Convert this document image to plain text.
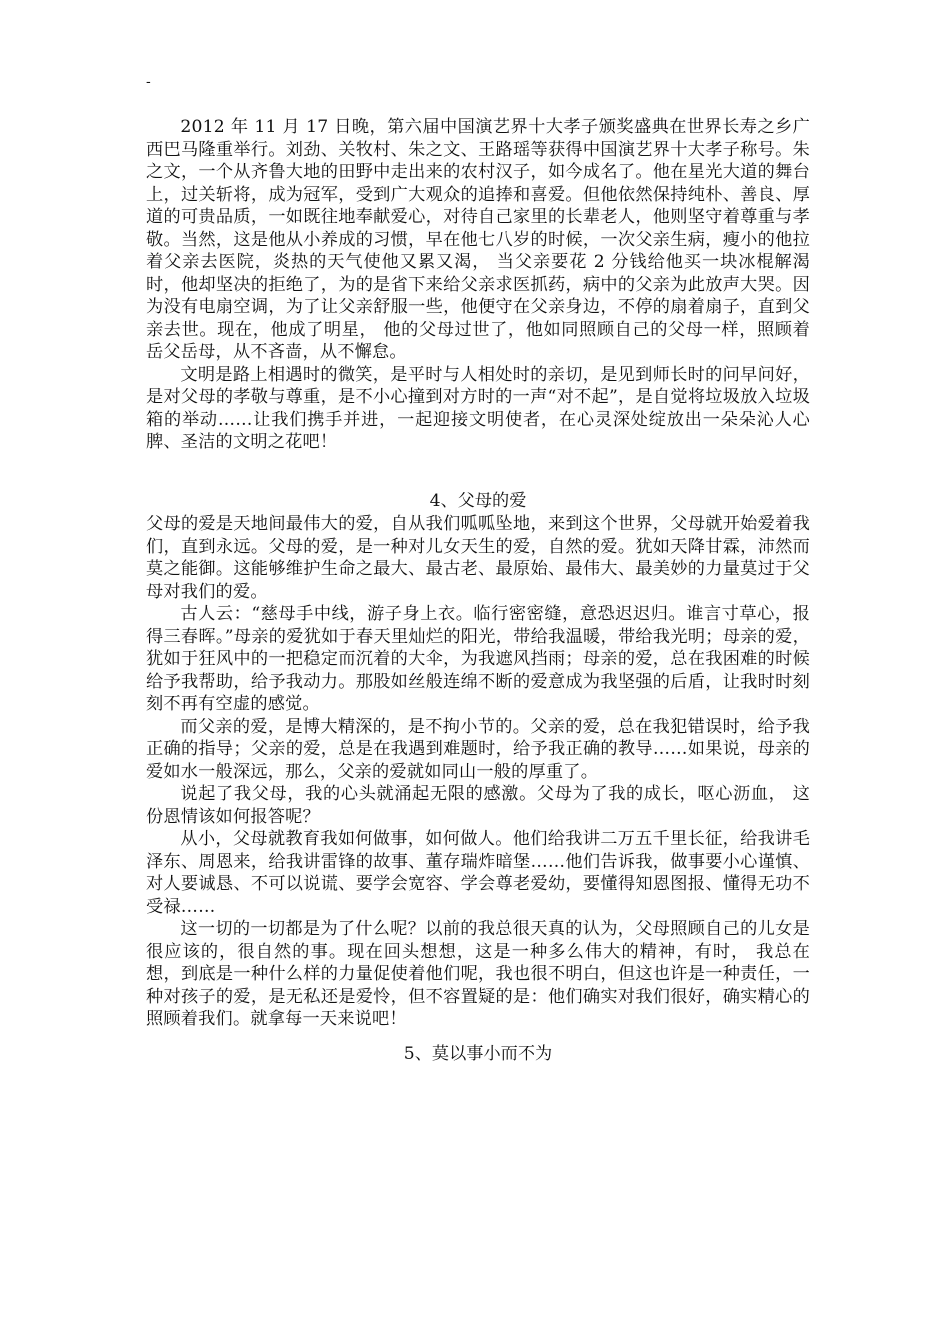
-

2012 年 11 月 17 日晚，第六届中国演艺界十大孝子颁奖盛典在世界长寿之乡广西巴马隆重举行。刘劲、关牧村、朱之文、王路瑶等获得中国演艺界十大孝子称号。朱之文，一个从齐鲁大地的田野中走出来的农村汉子，如今成名了。他在星光大道的舞台上，过关斩将，成为冠军，受到广大观众的追捧和喜爱。但他依然保持纯朴、善良、厚道的可贵品质，一如既往地奉献爱心，对待自己家里的长辈老人，他则坚守着尊重与孝敬。当然，这是他从小养成的习惯，早在他七八岁的时候，一次父亲生病，瘦小的他拉着父亲去医院，炎热的天气使他又累又渴， 当父亲要花 2 分钱给他买一块冰棍解渴时，他却坚决的拒绝了，为的是省下来给父亲求医抓药，病中的父亲为此放声大哭。因为没有电扇空调，为了让父亲舒服一些，他便守在父亲身边，不停的扇着扇子，直到父亲去世。现在，他成了明星， 他的父母过世了，他如同照顾自己的父母一样，照顾着岳父岳母，从不吝啬，从不懈怠。

文明是路上相遇时的微笑，是平时与人相处时的亲切，是见到师长时的问早问好，是对父母的孝敬与尊重，是不小心撞到对方时的一声“对不起”，是自觉将垃圾放入垃圾箱的举动……让我们携手并进，一起迎接文明使者，在心灵深处绽放出一朵朵沁人心脾、圣洁的文明之花吧！

4、父母的爱

父母的爱是天地间最伟大的爱，自从我们呱呱坠地，来到这个世界，父母就开始爱着我们，直到永远。父母的爱，是一种对儿女天生的爱，自然的爱。犹如天降甘霖，沛然而莫之能御。这能够维护生命之最大、最古老、最原始、最伟大、最美妙的力量莫过于父母对我们的爱。

古人云：“慈母手中线，游子身上衣。临行密密缝，意恐迟迟归。谁言寸草心，报得三春晖。”母亲的爱犹如于春天里灿烂的阳光，带给我温暖，带给我光明；母亲的爱，犹如于狂风中的一把稳定而沉着的大伞，为我遮风挡雨；母亲的爱，总在我困难的时候给予我帮助，给予我动力。那股如丝般连绵不断的爱意成为我坚强的后盾，让我时时刻刻不再有空虚的感觉。

而父亲的爱，是博大精深的，是不拘小节的。父亲的爱，总在我犯错误时，给予我正确的指导；父亲的爱，总是在我遇到难题时，给予我正确的教导……如果说，母亲的爱如水一般深远，那么，父亲的爱就如同山一般的厚重了。

说起了我父母，我的心头就涌起无限的感激。父母为了我的成长，呕心沥血， 这份恩情该如何报答呢？

从小，父母就教育我如何做事，如何做人。他们给我讲二万五千里长征，给我讲毛泽东、周恩来，给我讲雷锋的故事、董存瑞炸暗堡……他们告诉我，做事要小心谨慎、对人要诚恳、不可以说谎、要学会宽容、学会尊老爱幼，要懂得知恩图报、懂得无功不受禄……

这一切的一切都是为了什么呢？以前的我总很天真的认为，父母照顾自己的儿女是很应该的，很自然的事。现在回头想想，这是一种多么伟大的精神，有时， 我总在想，到底是一种什么样的力量促使着他们呢，我也很不明白，但这也许是一种责任，一种对孩子的爱，是无私还是爱怜，但不容置疑的是：他们确实对我们很好，确实精心的照顾着我们。就拿每一天来说吧！

5、莫以事小而不为
